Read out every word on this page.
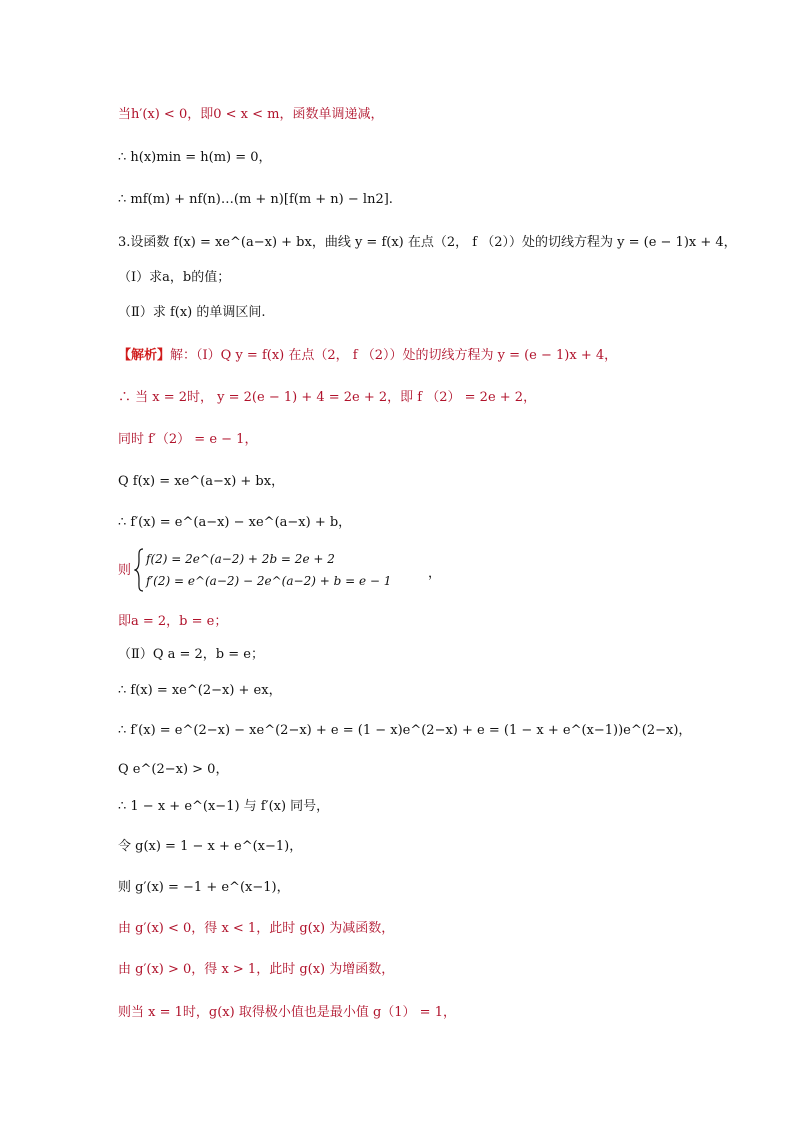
当h′(x) < 0，即0 < x < m，函数单调递减，
∴ h(x)min = h(m) = 0，
∴ mf(m) + nf(n)…(m + n)[f(m + n) − ln2].
3.设函数 f(x) = xe^(a−x) + bx，曲线 y = f(x) 在点（2， f （2））处的切线方程为 y = (e − 1)x + 4，
（Ⅰ）求a，b的值；
（Ⅱ）求 f(x) 的单调区间.
【解析】解：（Ⅰ）Q y = f(x) 在点（2， f （2））处的切线方程为 y = (e − 1)x + 4，
∴ 当 x = 2时， y = 2(e − 1) + 4 = 2e + 2，即 f （2） = 2e + 2，
同时 f′（2） = e − 1，
Q f(x) = xe^(a−x) + bx，
∴ f′(x) = e^(a−x) − xe^(a−x) + b，
即a = 2，b = e；
（Ⅱ）Q a = 2，b = e；
∴ f(x) = xe^(2−x) + ex，
∴ f′(x) = e^(2−x) − xe^(2−x) + e = (1 − x)e^(2−x) + e = (1 − x + e^(x−1))e^(2−x)，
Q e^(2−x) > 0，
∴ 1 − x + e^(x−1) 与 f′(x) 同号，
令 g(x) = 1 − x + e^(x−1)，
则 g′(x) = −1 + e^(x−1)，
由 g′(x) < 0，得 x < 1，此时 g(x) 为减函数，
由 g′(x) > 0，得 x > 1，此时 g(x) 为增函数，
则当 x = 1时，g(x) 取得极小值也是最小值 g（1） = 1，
则
f(2) = 2e^(a−2) + 2b = 2e + 2
f′(2) = e^(a−2) − 2e^(a−2) + b = e − 1	，
